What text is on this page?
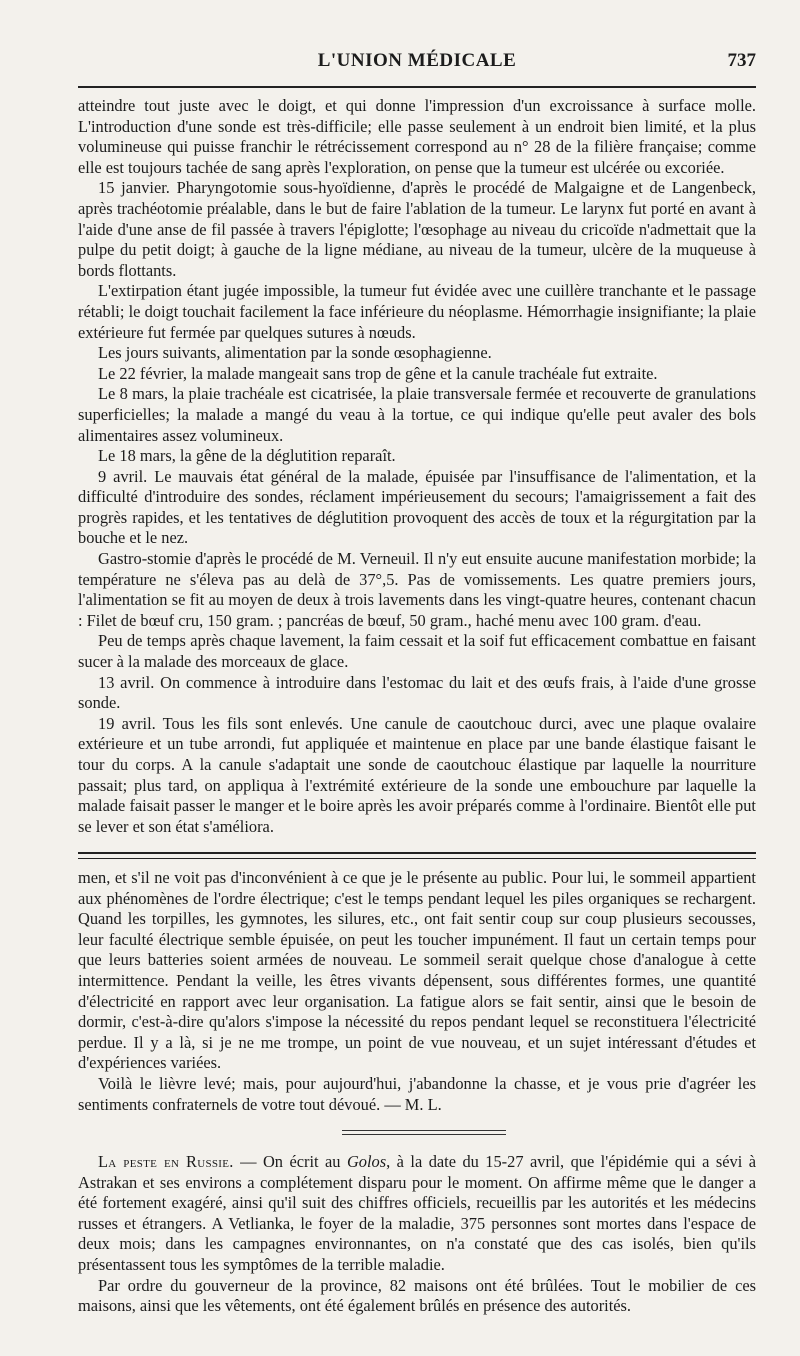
L'UNION MÉDICALE	737

atteindre tout juste avec le doigt, et qui donne l'impression d'un excroissance à surface molle. L'introduction d'une sonde est très-difficile; elle passe seulement à un endroit bien limité, et la plus volumineuse qui puisse franchir le rétrécissement correspond au n° 28 de la filière française; comme elle est toujours tachée de sang après l'exploration, on pense que la tumeur est ulcérée ou excoriée.

15 janvier. Pharyngotomie sous-hyoïdienne, d'après le procédé de Malgaigne et de Langenbeck, après trachéotomie préalable, dans le but de faire l'ablation de la tumeur. Le larynx fut porté en avant à l'aide d'une anse de fil passée à travers l'épiglotte; l'œsophage au niveau du cricoïde n'admettait que la pulpe du petit doigt; à gauche de la ligne médiane, au niveau de la tumeur, ulcère de la muqueuse à bords flottants.

L'extirpation étant jugée impossible, la tumeur fut évidée avec une cuillère tranchante et le passage rétabli; le doigt touchait facilement la face inférieure du néoplasme. Hémorrhagie insignifiante; la plaie extérieure fut fermée par quelques sutures à nœuds.

Les jours suivants, alimentation par la sonde œsophagienne.

Le 22 février, la malade mangeait sans trop de gêne et la canule trachéale fut extraite.

Le 8 mars, la plaie trachéale est cicatrisée, la plaie transversale fermée et recouverte de granulations superficielles; la malade a mangé du veau à la tortue, ce qui indique qu'elle peut avaler des bols alimentaires assez volumineux.

Le 18 mars, la gêne de la déglutition reparaît.

9 avril. Le mauvais état général de la malade, épuisée par l'insuffisance de l'alimentation, et la difficulté d'introduire des sondes, réclament impérieusement du secours; l'amaigrissement a fait des progrès rapides, et les tentatives de déglutition provoquent des accès de toux et la régurgitation par la bouche et le nez.

Gastro-stomie d'après le procédé de M. Verneuil. Il n'y eut ensuite aucune manifestation morbide; la température ne s'éleva pas au delà de 37°,5. Pas de vomissements. Les quatre premiers jours, l'alimentation se fit au moyen de deux à trois lavements dans les vingt-quatre heures, contenant chacun : Filet de bœuf cru, 150 gram. ; pancréas de bœuf, 50 gram., haché menu avec 100 gram. d'eau.

Peu de temps après chaque lavement, la faim cessait et la soif fut efficacement combattue en faisant sucer à la malade des morceaux de glace.

13 avril. On commence à introduire dans l'estomac du lait et des œufs frais, à l'aide d'une grosse sonde.

19 avril. Tous les fils sont enlevés. Une canule de caoutchouc durci, avec une plaque ovalaire extérieure et un tube arrondi, fut appliquée et maintenue en place par une bande élastique faisant le tour du corps. A la canule s'adaptait une sonde de caoutchouc élastique par laquelle la nourriture passait; plus tard, on appliqua à l'extrémité extérieure de la sonde une embouchure par laquelle la malade faisait passer le manger et le boire après les avoir préparés comme à l'ordinaire. Bientôt elle put se lever et son état s'améliora.

men, et s'il ne voit pas d'inconvénient à ce que je le présente au public. Pour lui, le sommeil appartient aux phénomènes de l'ordre électrique; c'est le temps pendant lequel les piles organiques se rechargent. Quand les torpilles, les gymnotes, les silures, etc., ont fait sentir coup sur coup plusieurs secousses, leur faculté électrique semble épuisée, on peut les toucher impunément. Il faut un certain temps pour que leurs batteries soient armées de nouveau. Le sommeil serait quelque chose d'analogue à cette intermittence. Pendant la veille, les êtres vivants dépensent, sous différentes formes, une quantité d'électricité en rapport avec leur organisation. La fatigue alors se fait sentir, ainsi que le besoin de dormir, c'est-à-dire qu'alors s'impose la nécessité du repos pendant lequel se reconstituera l'électricité perdue. Il y a là, si je ne me trompe, un point de vue nouveau, et un sujet intéressant d'études et d'expériences variées.

Voilà le lièvre levé; mais, pour aujourd'hui, j'abandonne la chasse, et je vous prie d'agréer les sentiments confraternels de votre tout dévoué. — M. L.

La peste en Russie. — On écrit au Golos, à la date du 15-27 avril, que l'épidémie qui a sévi à Astrakan et ses environs a complétement disparu pour le moment. On affirme même que le danger a été fortement exagéré, ainsi qu'il suit des chiffres officiels, recueillis par les autorités et les médecins russes et étrangers. A Vetlianka, le foyer de la maladie, 375 personnes sont mortes dans l'espace de deux mois; dans les campagnes environnantes, on n'a constaté que des cas isolés, bien qu'ils présentassent tous les symptômes de la terrible maladie.

Par ordre du gouverneur de la province, 82 maisons ont été brûlées. Tout le mobilier de ces maisons, ainsi que les vêtements, ont été également brûlés en présence des autorités.
